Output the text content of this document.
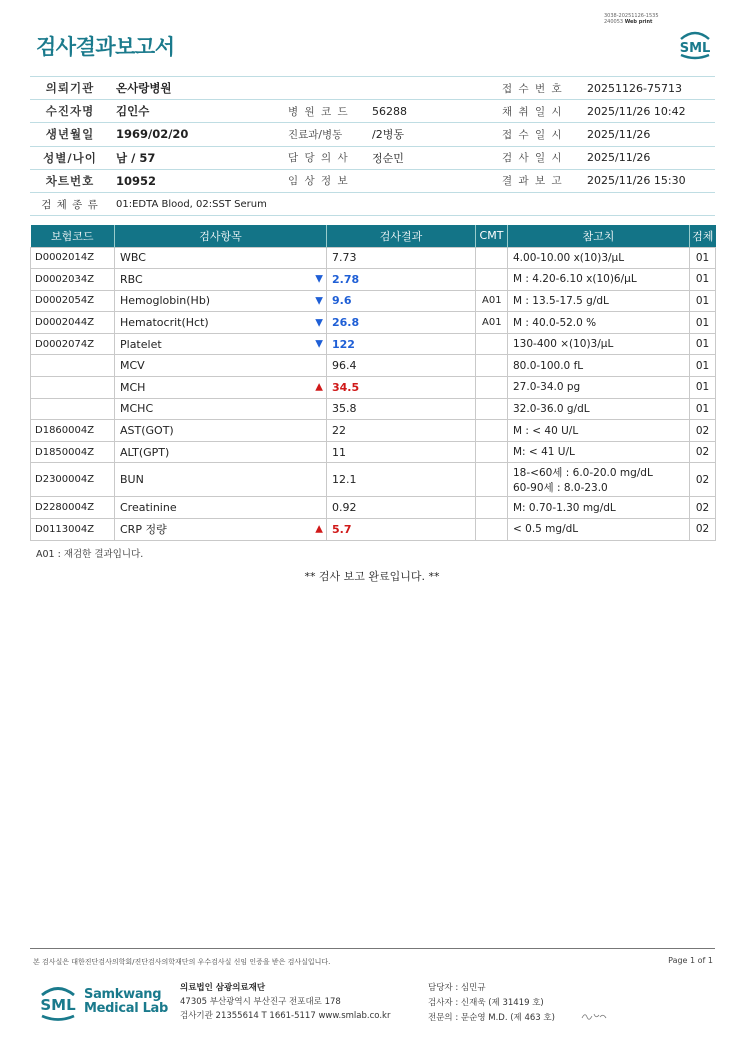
3038-20251126-1535
240053 Web print
검사결과보고서	SML
의뢰기관	온사랑병원			접 수 번 호	20251126-75713
수진자명	김인수	병 원 코 드	56288	채 취 일 시	2025/11/26 10:42
생년월일	1969/02/20	진료과/병동	/2병동	접 수 일 시	2025/11/26
성별/나이	남 / 57	담 당 의 사	정순민	검 사 일 시	2025/11/26
차트번호	10952	임 상 정 보		결 과 보 고	2025/11/26 15:30
검 체 종 류	01:EDTA Blood, 02:SST Serum				
보험코드	검사항목	검사결과	CMT	참고치	검체
D0002014Z	WBC	7.73		4.00-10.00 x(10)3/μL	01
D0002034Z	RBC ▼	2.78		M : 4.20-6.10 x(10)6/μL	01
D0002054Z	Hemoglobin(Hb) ▼	9.6	A01	M : 13.5-17.5 g/dL	01
D0002044Z	Hematocrit(Hct) ▼	26.8	A01	M : 40.0-52.0 %	01
D0002074Z	Platelet ▼	122		130-400 ×(10)3/μL	01
	MCV	96.4		80.0-100.0 fL	01
	MCH ▲	34.5		27.0-34.0 pg	01
	MCHC	35.8		32.0-36.0 g/dL	01
D1860004Z	AST(GOT)	22		M : < 40 U/L	02
D1850004Z	ALT(GPT)	11		M: < 41 U/L	02
D2300004Z	BUN	12.1		18-<60세 : 6.0-20.0 mg/dL
60-90세 : 8.0-23.0	02
D2280004Z	Creatinine	0.92		M: 0.70-1.30 mg/dL	02
D0113004Z	CRP 정량 ▲	5.7		< 0.5 mg/dL	02
A01 : 재검한 결과입니다.
** 검사 보고 완료입니다. **
본 검사실은 대한진단검사의학회/진단검사의학재단의 우수검사실 신임 인증을 받은 검사실입니다.	Page 1 of 1
SML
Samkwang
Medical Lab
의료법인 삼광의료재단
47305 부산광역시 부산진구 전포대로 178
검사기관 21355614 T 1661-5117 www.smlab.co.kr
담당자 : 심민규
검사자 : 신재욱 (제 31419 호)
전문의 : 문순영 M.D. (제 463 호)
